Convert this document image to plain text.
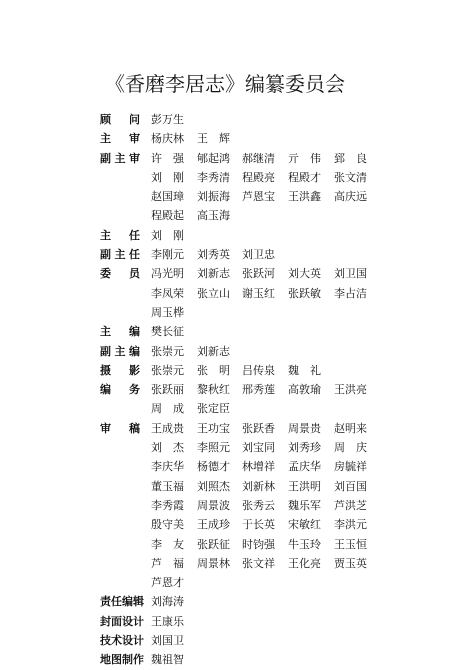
《香磨李居志》编纂委员会
顾 问 彭万生
主 审 杨庆林	王辉
副 主 审 许强 郇起鸿	郝继清	亓伟 郅良
刘刚 李秀清	程殿亮	程殿才	张文清
赵国璋	刘振海	芦恩宝	王洪鑫	高庆远
程殿起	高玉海
主 任 刘刚
副 主 任 李刚元	刘秀英	刘卫忠
委 员 冯光明	刘新志	张跃河	刘大英	刘卫国
李凤荣	张立山	谢玉红	张跃敏	李占洁
周玉桦
主 编 樊长征
副 主 编 张崇元	刘新志
摄 影 张崇元	张明 吕传泉	魏礼
编 务 张跃丽	黎秋红	邢秀莲	高敦瑜	王洪亮
周成 张定臣
审 稿 王成贵	王功宝	张跃香	周景贵	赵明来
刘杰 李照元	刘宝同	刘秀珍	周庆
李庆华	杨德才	林增祥	孟庆华	房毓祥
董玉福	刘照杰	刘新林	王洪明	刘百国
李秀霞	周景波	张秀云	魏乐军	芦洪芝
殷守美	王成珍	于长英	宋敏红	李洪元
李友 张跃征	时钧强	牛玉玲	王玉恒
芦福 周景林	张文祥	王化亮	贾玉英
芦恩才
责 任 编 辑 刘海涛
封 面 设 计 王康乐
技 术 设 计 刘国卫
地 图 制 作 魏祖智
